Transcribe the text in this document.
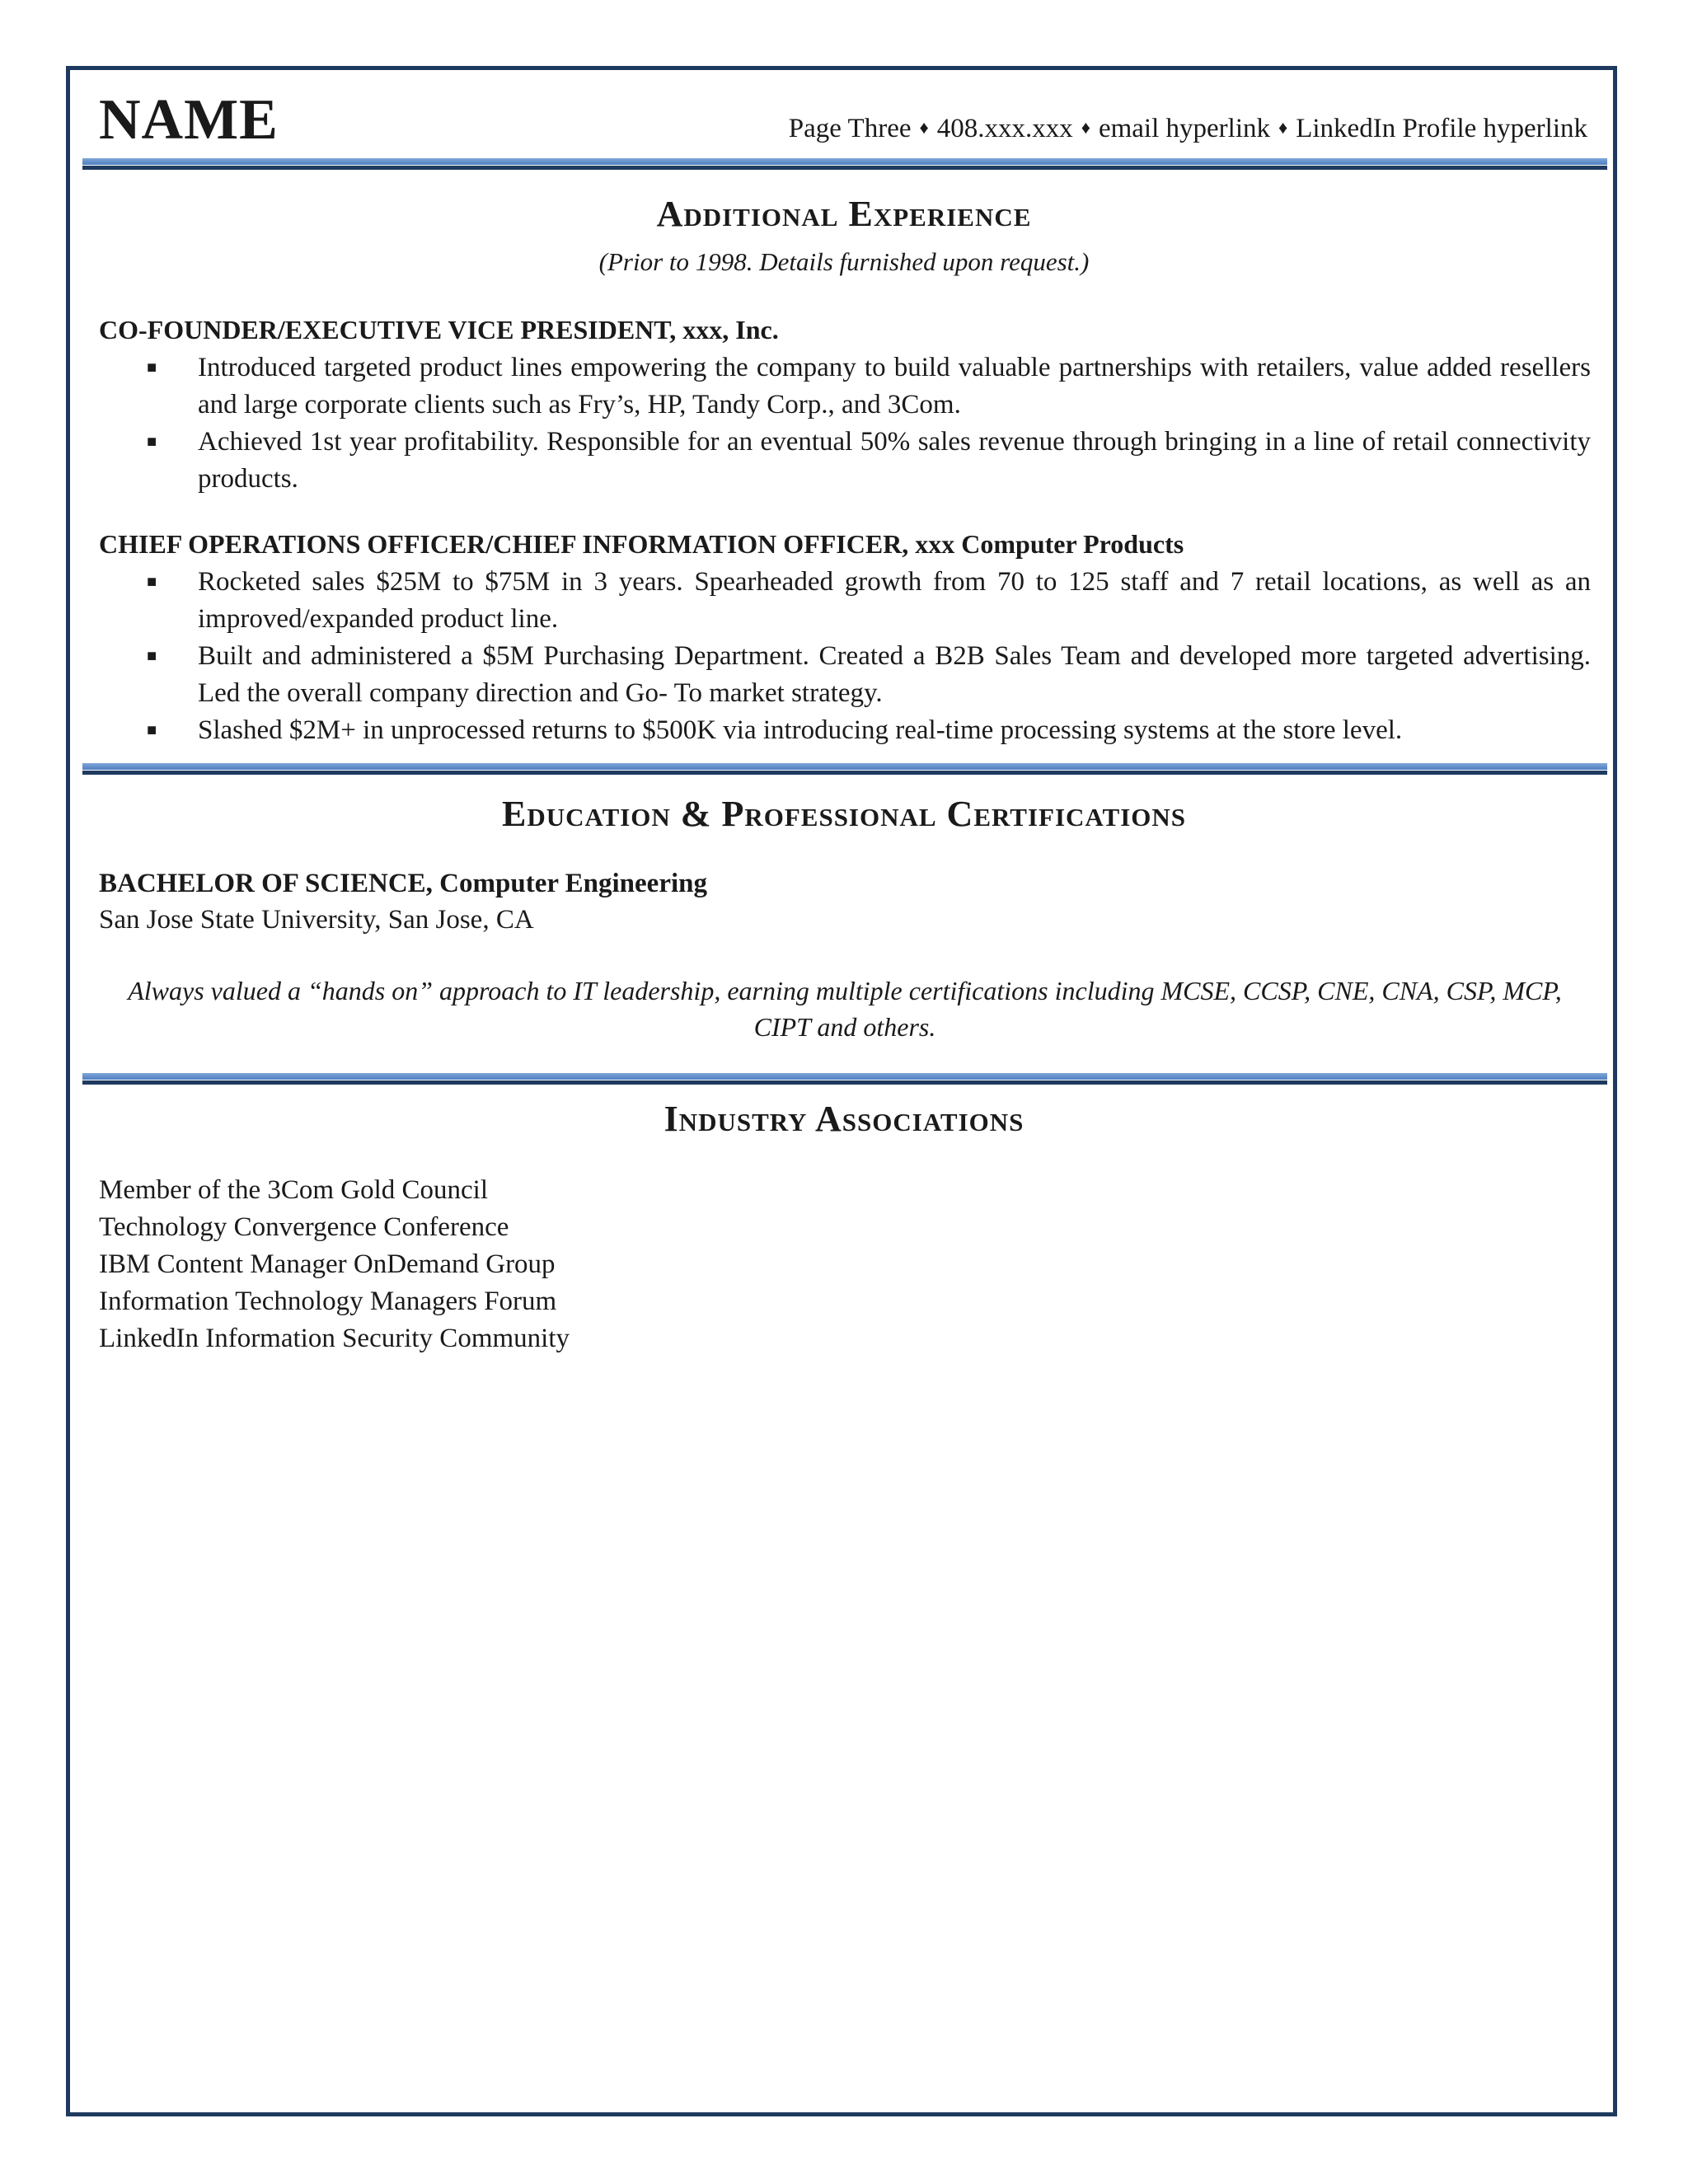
NAME	Page Three ♦ 408.xxx.xxx ♦ email hyperlink ♦ LinkedIn Profile hyperlink
Additional Experience
(Prior to 1998. Details furnished upon request.)
CO-FOUNDER/EXECUTIVE VICE PRESIDENT, xxx, Inc.
■ Introduced targeted product lines empowering the company to build valuable partnerships with retailers, value added resellers and large corporate clients such as Fry’s, HP, Tandy Corp., and 3Com.
■ Achieved 1st year profitability. Responsible for an eventual 50% sales revenue through bringing in a line of retail connectivity products.
CHIEF OPERATIONS OFFICER/CHIEF INFORMATION OFFICER, xxx Computer Products
■ Rocketed sales $25M to $75M in 3 years. Spearheaded growth from 70 to 125 staff and 7 retail locations, as well as an improved/expanded product line.
■ Built and administered a $5M Purchasing Department. Created a B2B Sales Team and developed more targeted advertising. Led the overall company direction and Go- To market strategy.
■ Slashed $2M+ in unprocessed returns to $500K via introducing real-time processing systems at the store level.
Education & Professional Certifications
BACHELOR OF SCIENCE, Computer Engineering
San Jose State University, San Jose, CA
Always valued a “hands on” approach to IT leadership, earning multiple certifications including MCSE, CCSP, CNE, CNA, CSP, MCP, CIPT and others.
Industry Associations
Member of the 3Com Gold Council
Technology Convergence Conference
IBM Content Manager OnDemand Group
Information Technology Managers Forum
LinkedIn Information Security Community
